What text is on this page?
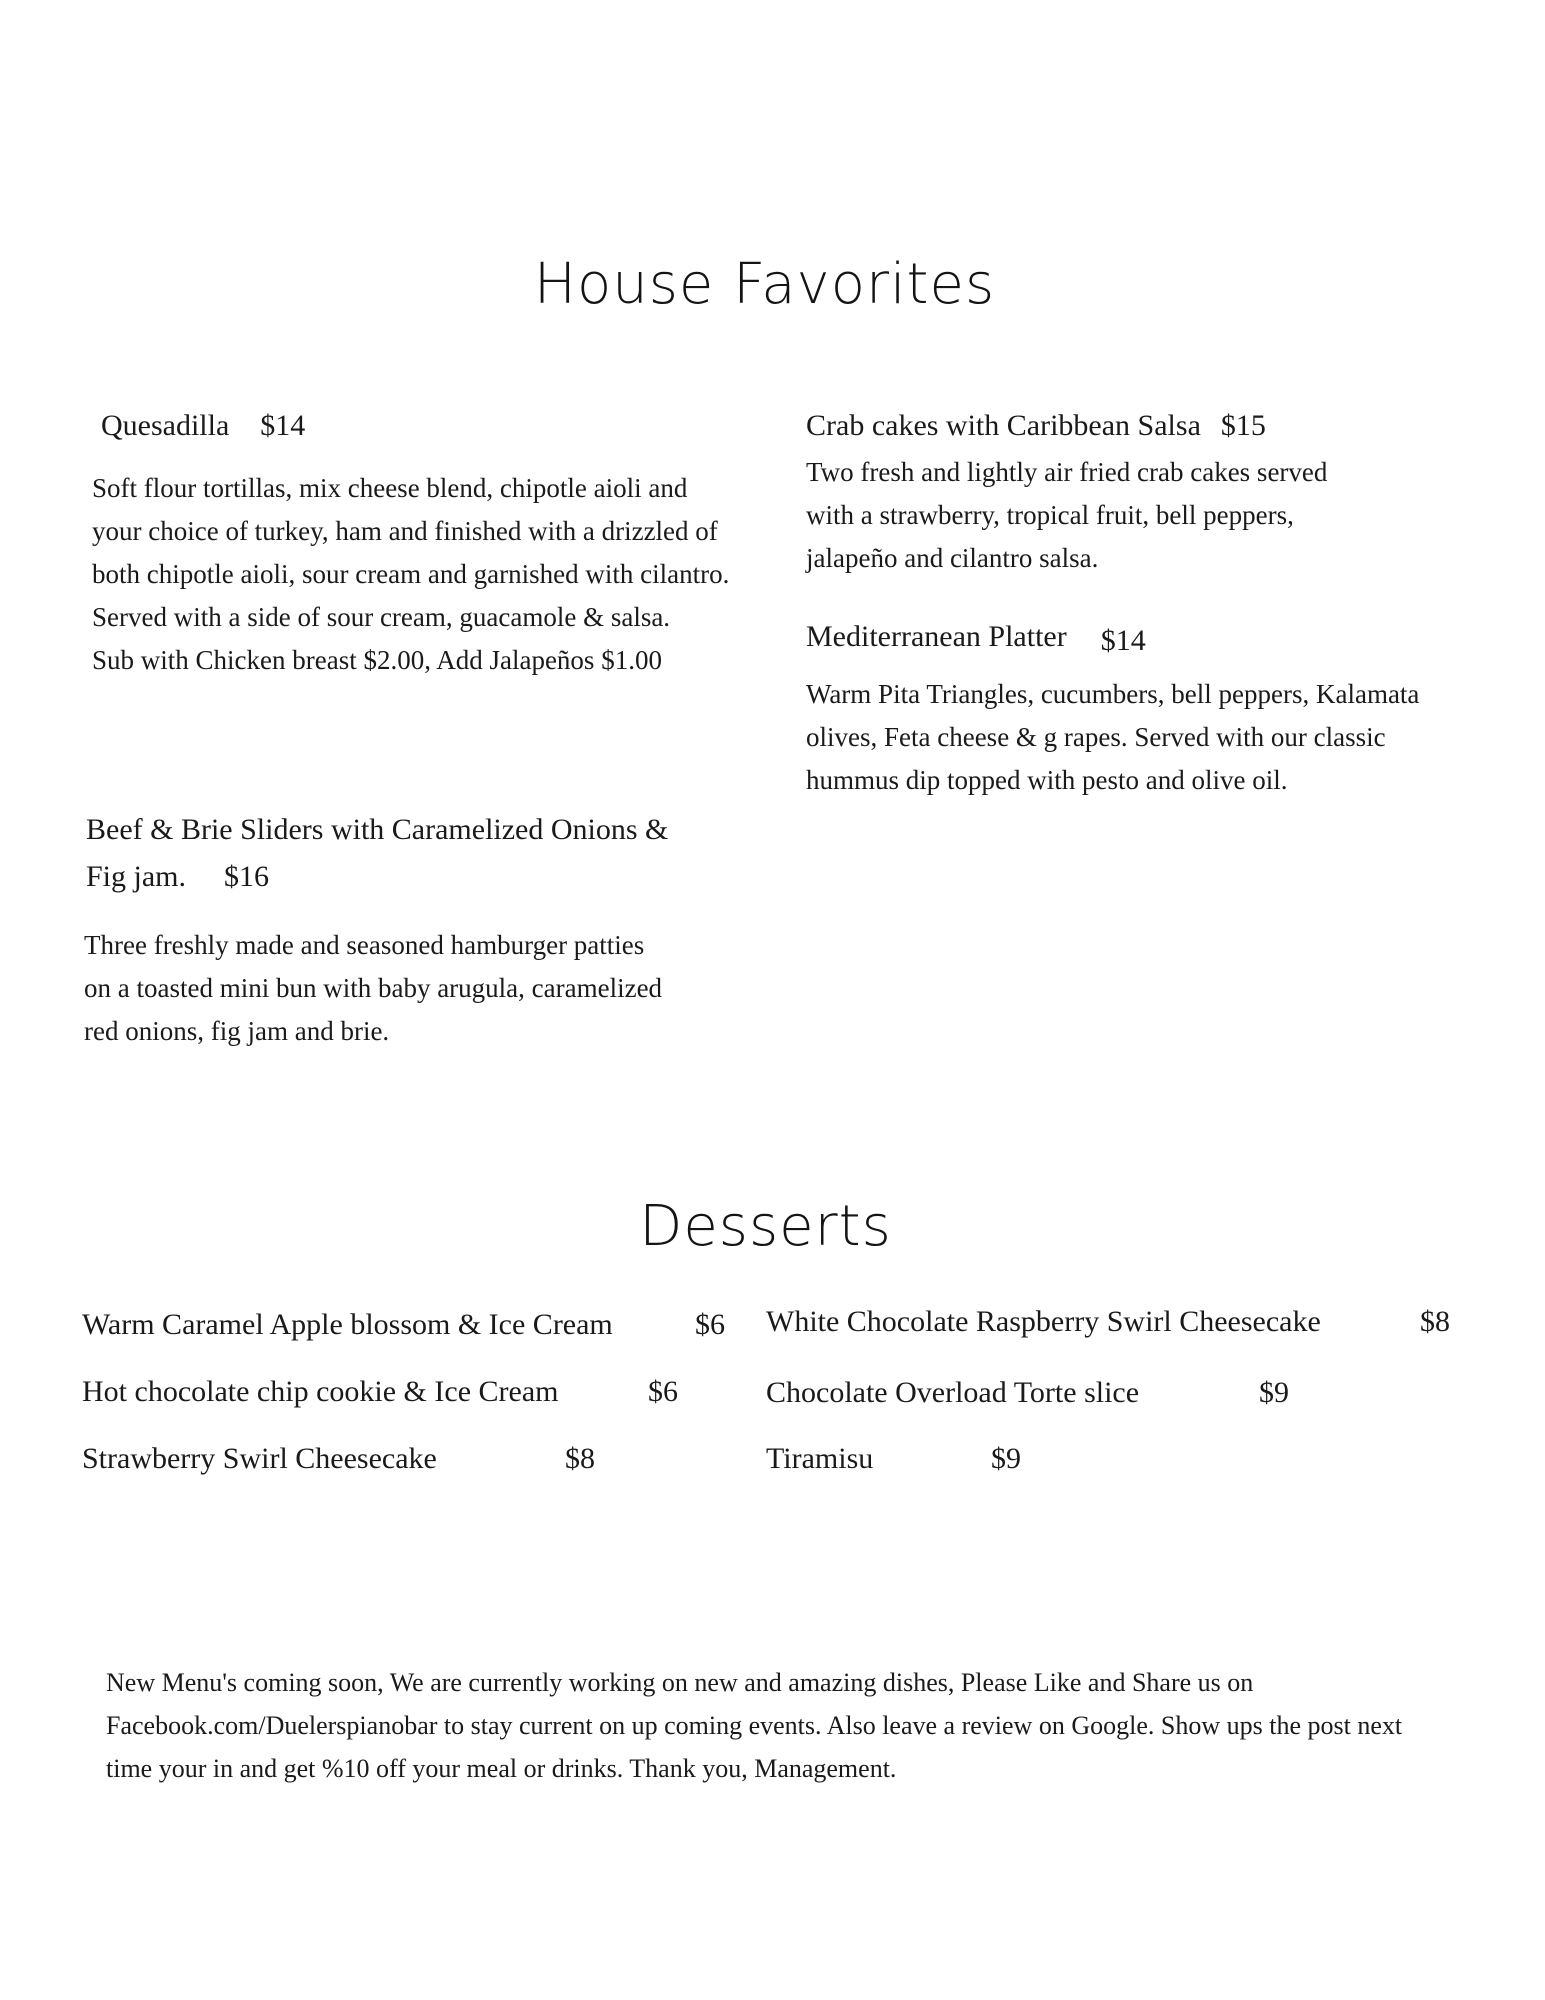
House Favorites
Quesadilla $14
Soft flour tortillas, mix cheese blend, chipotle aioli and your choice of turkey, ham and finished with a drizzled of both chipotle aioli, sour cream and garnished with cilantro. Served with a side of sour cream, guacamole & salsa.
Sub with Chicken breast $2.00, Add Jalapeños $1.00
Beef & Brie Sliders with Caramelized Onions &
Fig jam. $16
Three freshly made and seasoned hamburger patties on a toasted mini bun with baby arugula, caramelized red onions, fig jam and brie.
Crab cakes with Caribbean Salsa $15
Two fresh and lightly air fried crab cakes served with a strawberry, tropical fruit, bell peppers, jalapeño and cilantro salsa.
Mediterranean Platter $14
Warm Pita Triangles, cucumbers, bell peppers, Kalamata olives, Feta cheese & g rapes. Served with our classic hummus dip topped with pesto and olive oil.
Desserts
Warm Caramel Apple blossom & Ice Cream	$6
Hot chocolate chip cookie & Ice Cream	$6
Strawberry Swirl Cheesecake	$8
White Chocolate Raspberry Swirl Cheesecake	$8
Chocolate Overload Torte slice	$9
Tiramisu	$9
New Menu's coming soon, We are currently working on new and amazing dishes, Please Like and Share us on Facebook.com/Duelerspianobar to stay current on up coming events. Also leave a review on Google. Show ups the post next time your in and get %10 off your meal or drinks. Thank you, Management.
